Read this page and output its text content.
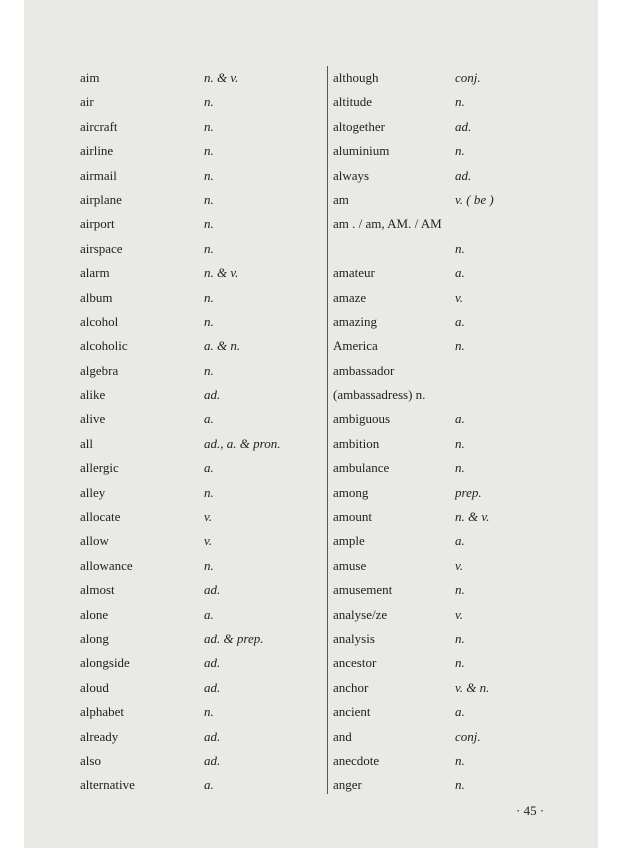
aim	n. & v.
air	n.
aircraft	n.
airline	n.
airmail	n.
airplane	n.
airport	n.
airspace	n.
alarm	n. & v.
album	n.
alcohol	n.
alcoholic	a. & n.
algebra	n.
alike	ad.
alive	a.
all	ad., a. & pron.
allergic	a.
alley	n.
allocate	v.
allow	v.
allowance	n.
almost	ad.
alone	a.
along	ad. & prep.
alongside	ad.
aloud	ad.
alphabet	n.
already	ad.
also	ad.
alternative	a.
although	conj.
altitude	n.
altogether	ad.
aluminium	n.
always	ad.
am	v. ( be )
am . / am, AM. / AM
n.
amateur	a.
amaze	v.
amazing	a.
America	n.
ambassador
(ambassadress) n.
ambiguous	a.
ambition	n.
ambulance	n.
among	prep.
amount	n. & v.
ample	a.
amuse	v.
amusement	n.
analyse/ze	v.
analysis	n.
ancestor	n.
anchor	v. & n.
ancient	a.
and	conj.
anecdote	n.
anger	n.
· 45 ·
